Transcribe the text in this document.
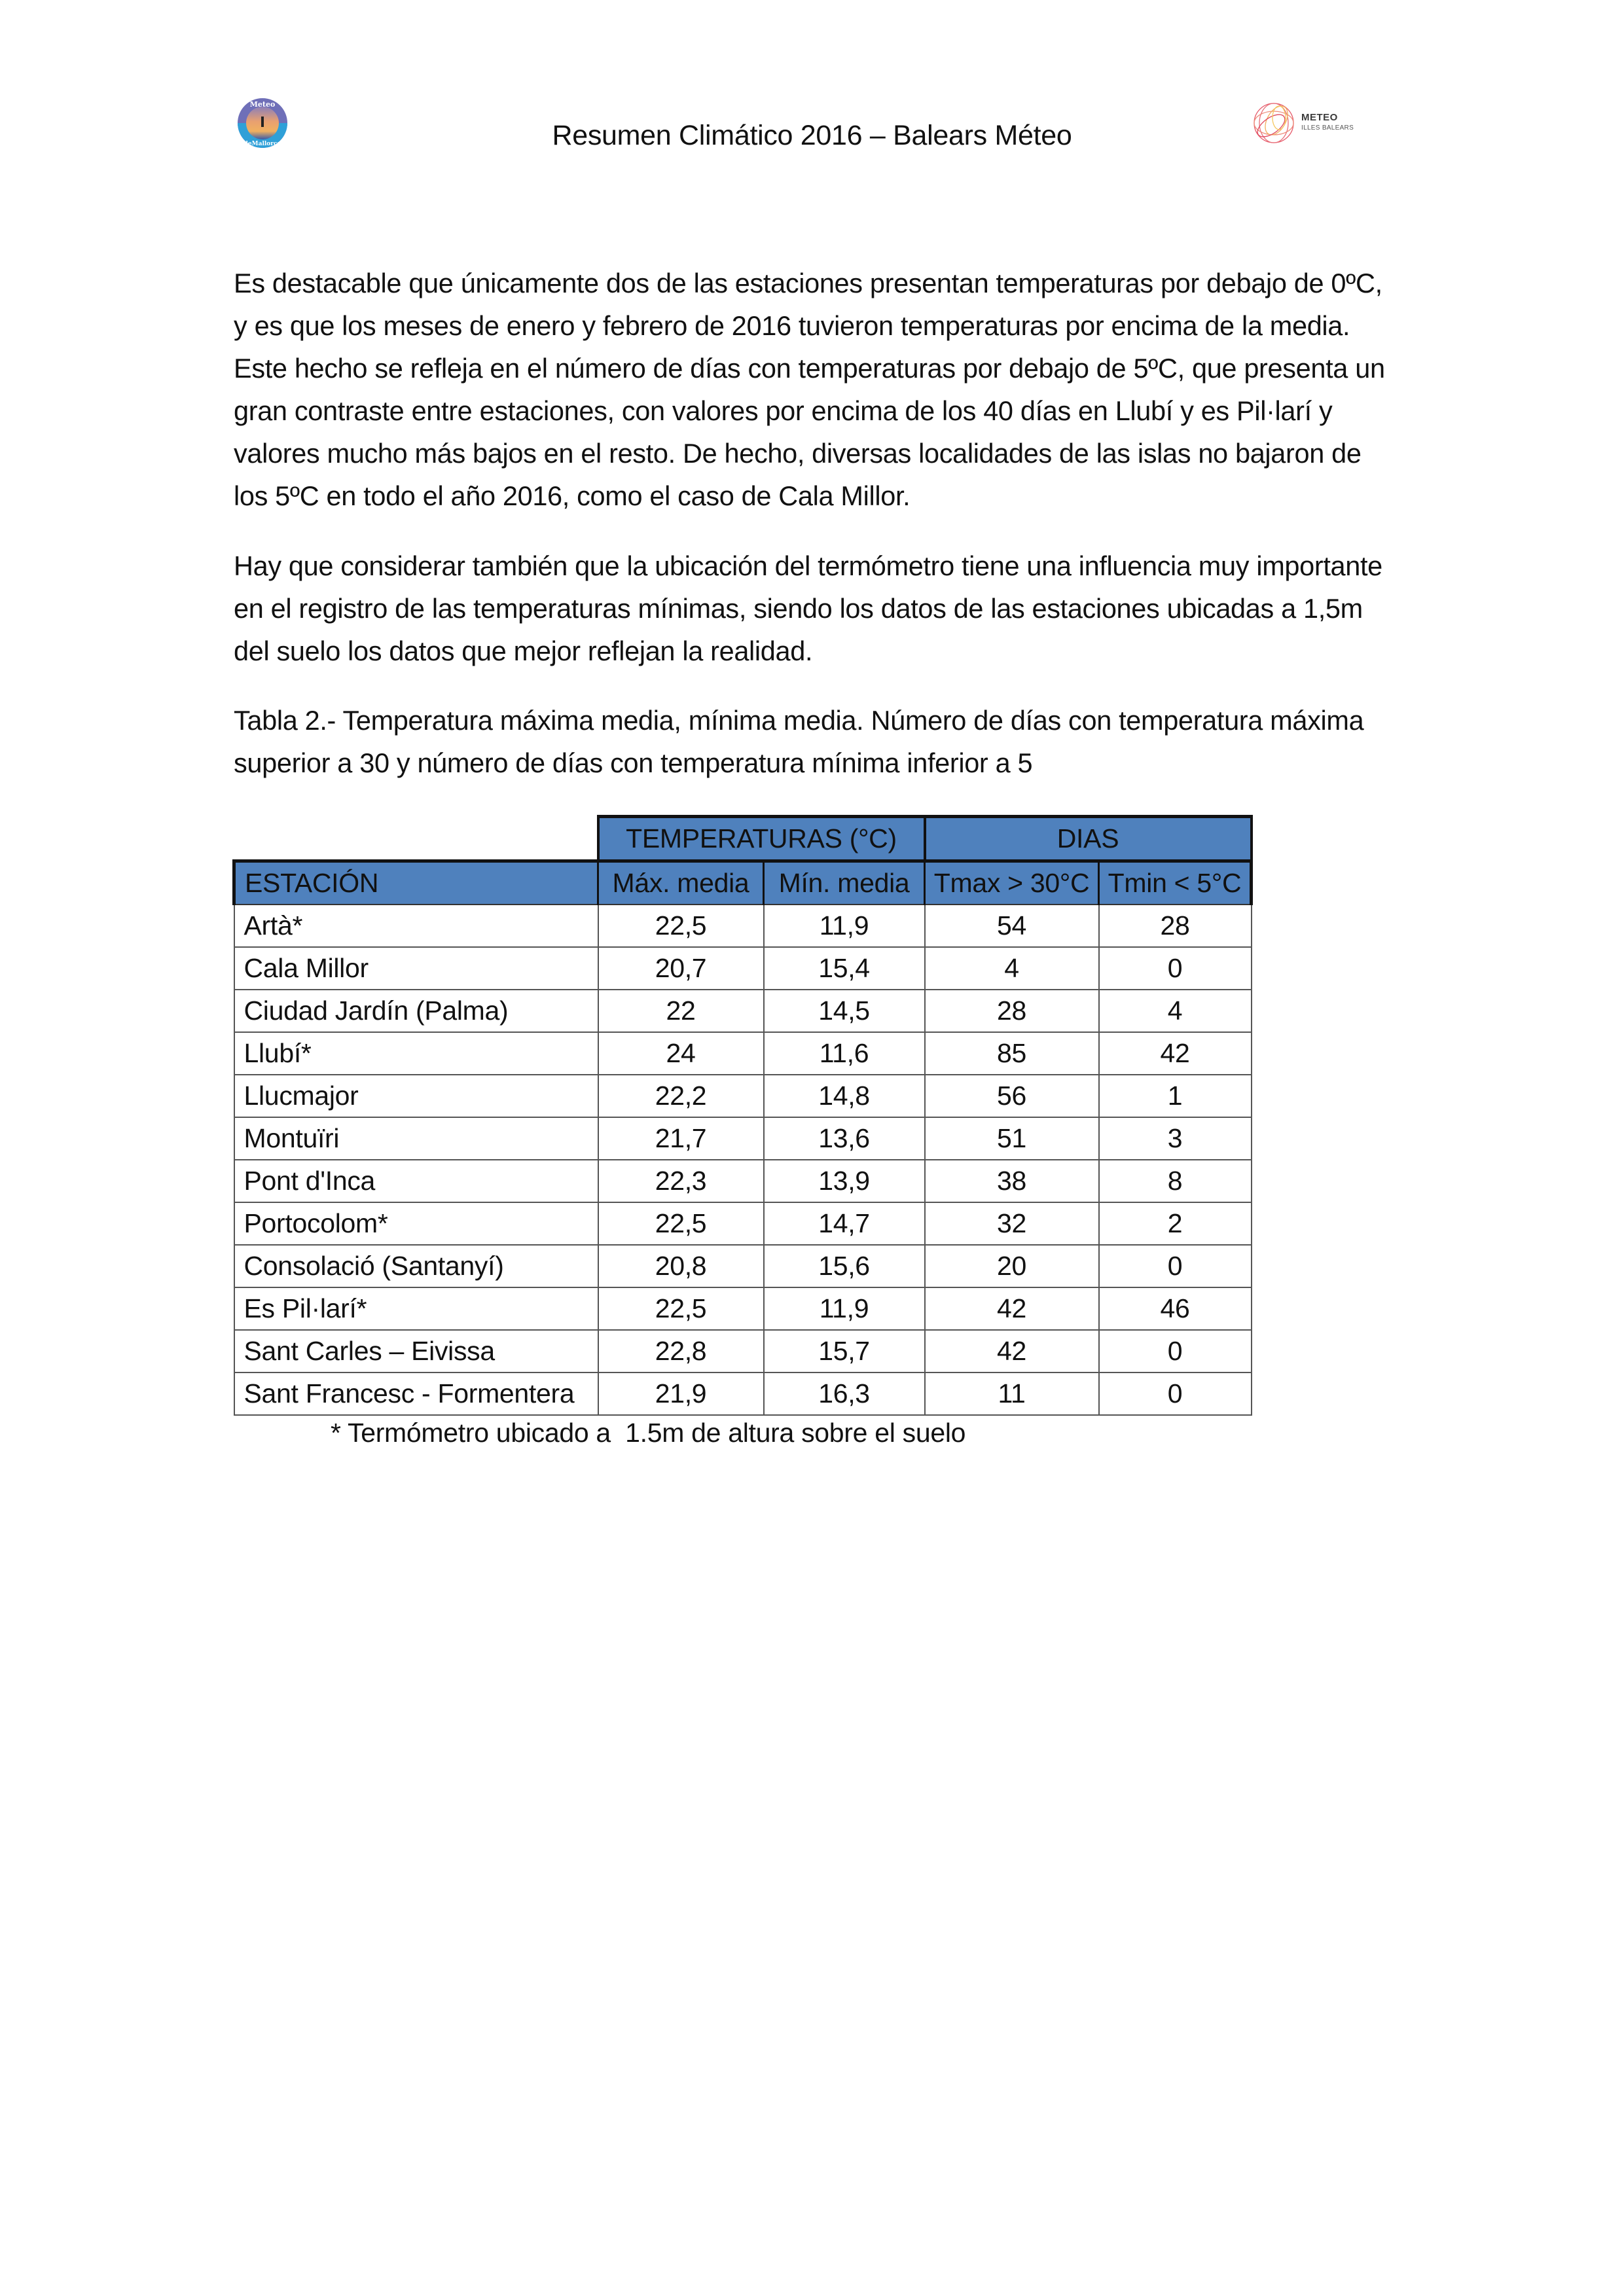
Meteo
deMallorca	Resumen Climático 2016 – Balears Méteo
METEO
ILLES BALEARS
Es destacable que únicamente dos de las estaciones presentan temperaturas por debajo de 0ºC, y es que los meses de enero y febrero de 2016 tuvieron temperaturas por encima de la media. Este hecho se refleja en el número de días con temperaturas por debajo de 5ºC, que presenta un gran contraste entre estaciones, con valores por encima de los 40 días en Llubí y es Pil·larí y valores mucho más bajos en el resto. De hecho, diversas localidades de las islas no bajaron de los 5ºC en todo el año 2016, como el caso de Cala Millor.
Hay que considerar también que la ubicación del termómetro tiene una influencia muy importante en el registro de las temperaturas mínimas, siendo los datos de las estaciones ubicadas a 1,5m del suelo los datos que mejor reflejan la realidad.
Tabla 2.- Temperatura máxima media, mínima media. Número de días con temperatura máxima superior a 30 y número de días con temperatura mínima inferior a 5
	TEMPERATURAS (°C)		DIAS	
ESTACIÓN	Máx. media	Mín. media	Tmax > 30°C	Tmin < 5°C
Artà*	22,5	11,9	54	28
Cala Millor	20,7	15,4	4	0
Ciudad Jardín (Palma)	22	14,5	28	4
Llubí*	24	11,6	85	42
Llucmajor	22,2	14,8	56	1
Montuïri	21,7	13,6	51	3
Pont d'Inca	22,3	13,9	38	8
Portocolom*	22,5	14,7	32	2
Consolació (Santanyí)	20,8	15,6	20	0
Es Pil·larí*	22,5	11,9	42	46
Sant Carles – Eivissa	22,8	15,7	42	0
Sant Francesc - Formentera	21,9	16,3	11	0
* Termómetro ubicado a  1.5m de altura sobre el suelo
